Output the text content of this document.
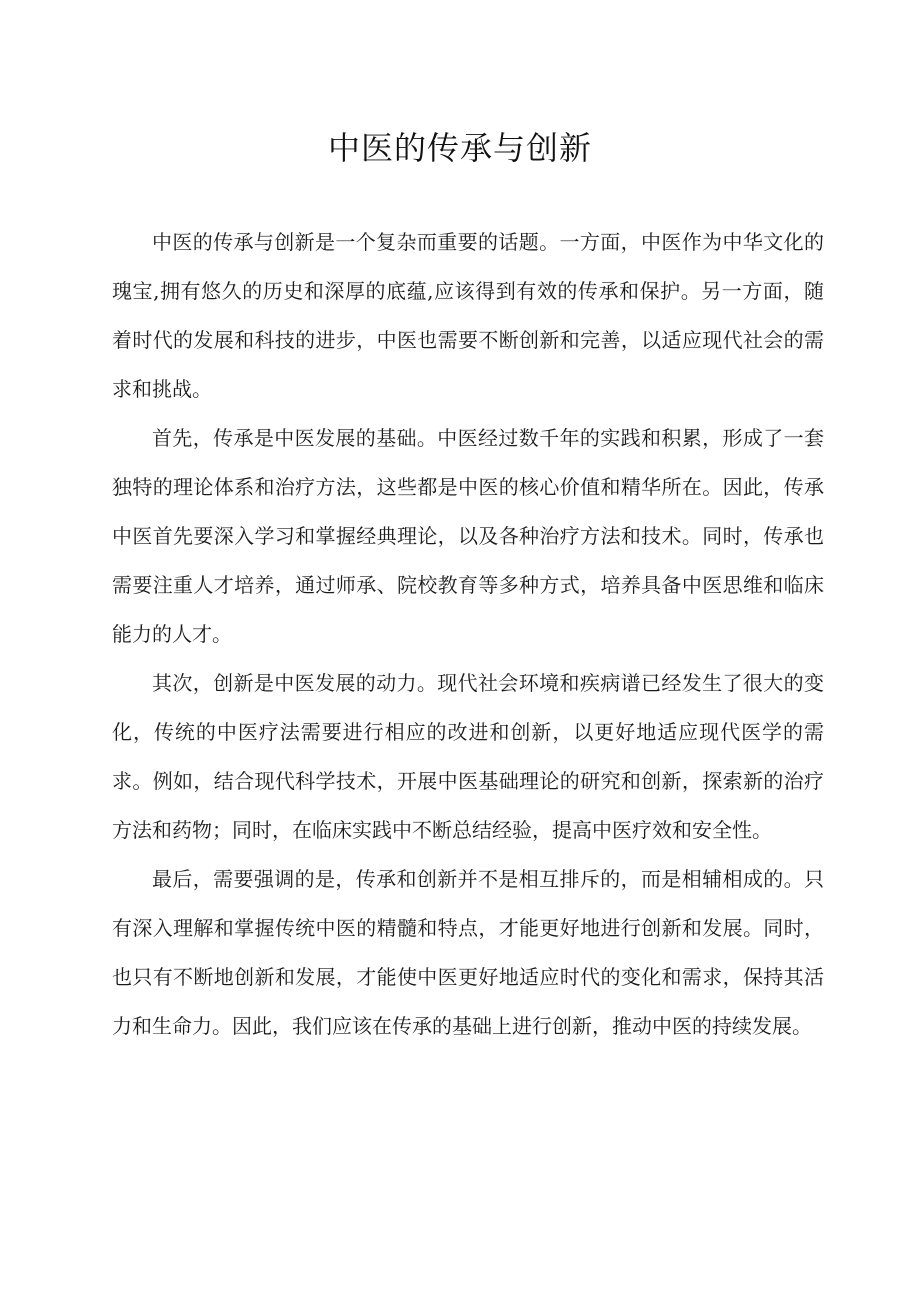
中医的传承与创新

中医的传承与创新是一个复杂而重要的话题。一方面，中医作为中华文化的瑰宝,拥有悠久的历史和深厚的底蕴,应该得到有效的传承和保护。另一方面，随着时代的发展和科技的进步，中医也需要不断创新和完善，以适应现代社会的需求和挑战。

首先，传承是中医发展的基础。中医经过数千年的实践和积累，形成了一套独特的理论体系和治疗方法，这些都是中医的核心价值和精华所在。因此，传承中医首先要深入学习和掌握经典理论，以及各种治疗方法和技术。同时，传承也需要注重人才培养，通过师承、院校教育等多种方式，培养具备中医思维和临床能力的人才。

其次，创新是中医发展的动力。现代社会环境和疾病谱已经发生了很大的变化，传统的中医疗法需要进行相应的改进和创新，以更好地适应现代医学的需求。例如，结合现代科学技术，开展中医基础理论的研究和创新，探索新的治疗方法和药物；同时，在临床实践中不断总结经验，提高中医疗效和安全性。

最后，需要强调的是，传承和创新并不是相互排斥的，而是相辅相成的。只有深入理解和掌握传统中医的精髓和特点，才能更好地进行创新和发展。同时，也只有不断地创新和发展，才能使中医更好地适应时代的变化和需求，保持其活力和生命力。因此，我们应该在传承的基础上进行创新，推动中医的持续发展。
